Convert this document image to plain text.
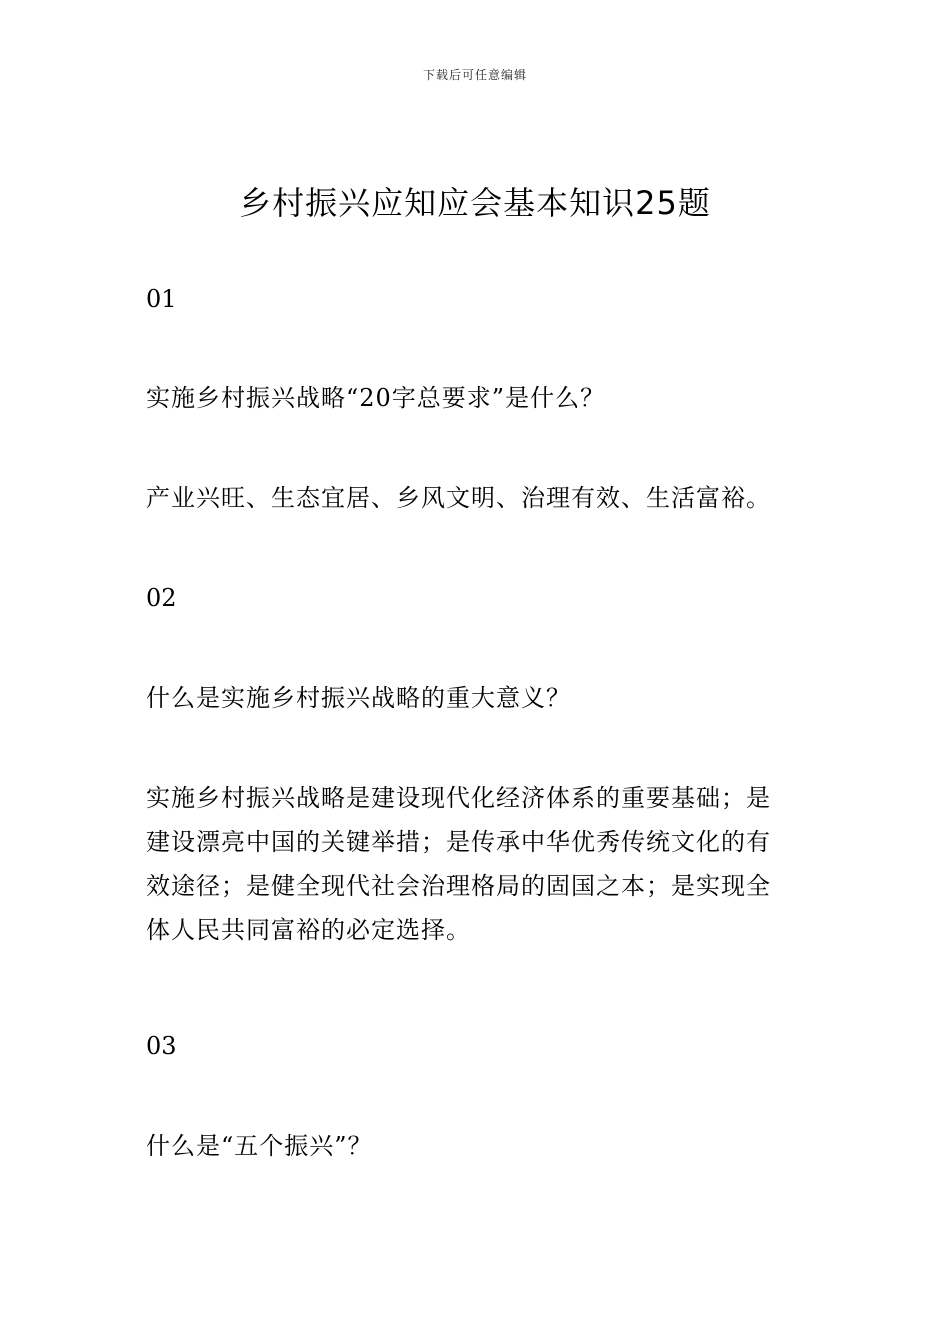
下载后可任意编辑
乡村振兴应知应会基本知识25题

01

实施乡村振兴战略“20字总要求”是什么？

产业兴旺、生态宜居、乡风文明、治理有效、生活富裕。

02

什么是实施乡村振兴战略的重大意义？

实施乡村振兴战略是建设现代化经济体系的重要基础；是
建设漂亮中国的关键举措；是传承中华优秀传统文化的有
效途径；是健全现代社会治理格局的固国之本；是实现全
体人民共同富裕的必定选择。

03

什么是“五个振兴”？
